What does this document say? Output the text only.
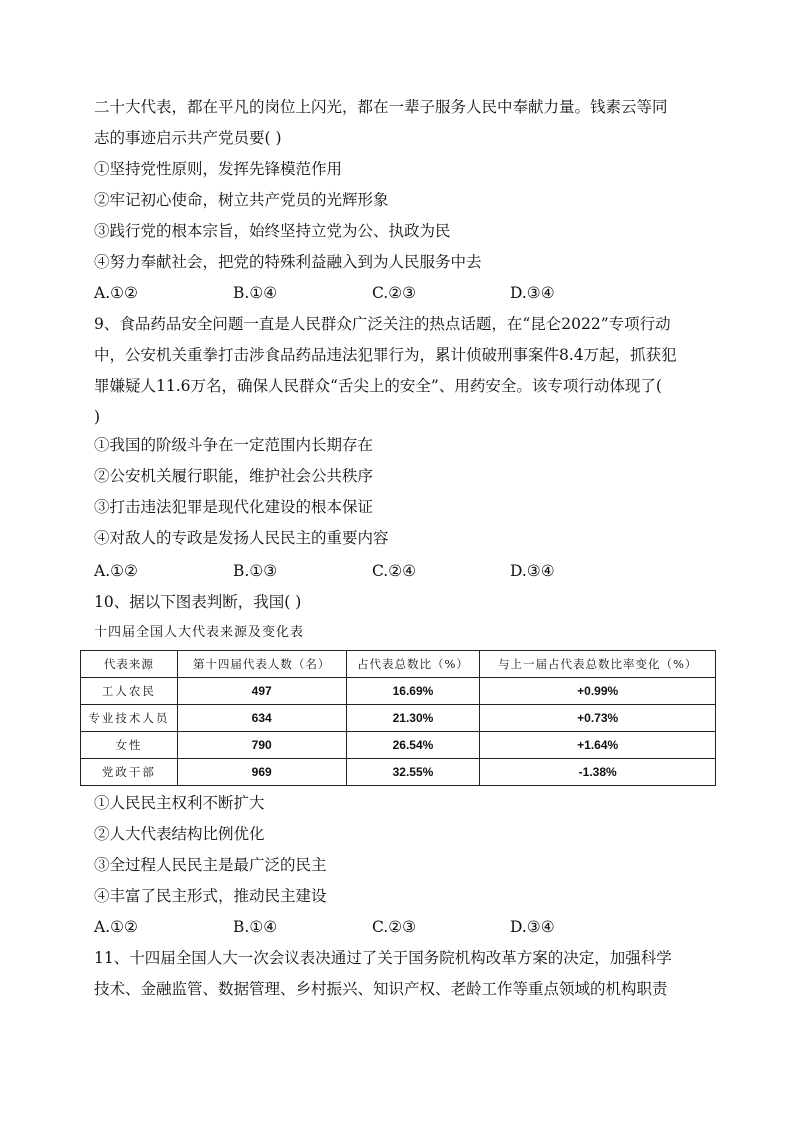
二十大代表，都在平凡的岗位上闪光，都在一辈子服务人民中奉献力量。钱素云等同
志的事迹启示共产党员要( )
①坚持党性原则，发挥先锋模范作用
②牢记初心使命，树立共产党员的光辉形象
③践行党的根本宗旨，始终坚持立党为公、执政为民
④努力奉献社会，把党的特殊利益融入到为人民服务中去
A.①②	B.①④	C.②③	D.③④
9、食品药品安全问题一直是人民群众广泛关注的热点话题，在“昆仑2022”专项行动
中，公安机关重拳打击涉食品药品违法犯罪行为，累计侦破刑事案件8.4万起，抓获犯
罪嫌疑人11.6万名，确保人民群众“舌尖上的安全”、用药安全。该专项行动体现了(
)
①我国的阶级斗争在一定范围内长期存在
②公安机关履行职能，维护社会公共秩序
③打击违法犯罪是现代化建设的根本保证
④对敌人的专政是发扬人民民主的重要内容
A.①②	B.①③	C.②④	D.③④
10、据以下图表判断，我国( )
十四届全国人大代表来源及变化表
代表来源	第十四届代表人数（名）	占代表总数比（%）	与上一届占代表总数比率变化（%）
工人农民	497	16.69%	+0.99%
专业技术人员	634	21.30%	+0.73%
女性	790	26.54%	+1.64%
党政干部	969	32.55%	-1.38%
①人民民主权利不断扩大
②人大代表结构比例优化
③全过程人民民主是最广泛的民主
④丰富了民主形式，推动民主建设
A.①②	B.①④	C.②③	D.③④
11、十四届全国人大一次会议表决通过了关于国务院机构改革方案的决定，加强科学
技术、金融监管、数据管理、乡村振兴、知识产权、老龄工作等重点领域的机构职责
